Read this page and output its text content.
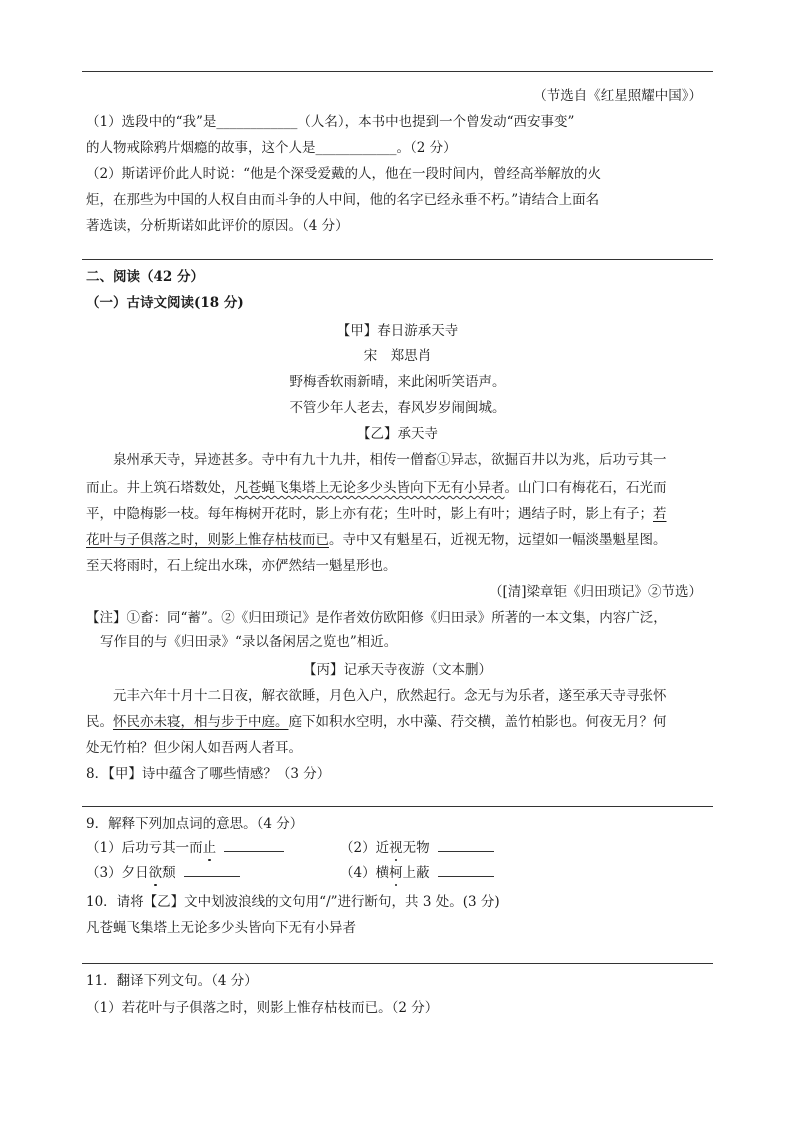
（节选自《红星照耀中国》）
（1）选段中的“我”是____________（人名），本书中也提到一个曾发动“西安事变”
的人物戒除鸦片烟瘾的故事，这个人是____________。（2 分）
（2）斯诺评价此人时说：“他是个深受爱戴的人，他在一段时间内，曾经高举解放的火
炬，在那些为中国的人权自由而斗争的人中间，他的名字已经永垂不朽。”请结合上面名
著选读，分析斯诺如此评价的原因。（4 分）
二、阅读（42 分）
（一）古诗文阅读(18 分)
【甲】春日游承天寺
宋　郑思肖
野梅香软雨新晴，来此闲听笑语声。
不管少年人老去，春风岁岁闹闽城。
【乙】承天寺
泉州承天寺，异迹甚多。寺中有九十九井，相传一僧畜①异志，欲掘百井以为兆，后功亏其一
而止。井上筑石塔数处，凡苍蝇飞集塔上无论多少头皆向下无有小异者。山门口有梅花石，石光而
平，中隐梅影一枝。每年梅树开花时，影上亦有花；生叶时，影上有叶；遇结子时，影上有子；若
花叶与子俱落之时，则影上惟存枯枝而已。寺中又有魁星石，近视无物，远望如一幅淡墨魁星图。
至天将雨时，石上绽出水珠，亦俨然结一魁星形也。
（[清]梁章钜《归田琐记》②节选）
【注】①畜：同“蓄”。②《归田琐记》是作者效仿欧阳修《归田录》所著的一本文集，内容广泛，
写作目的与《归田录》“录以备闲居之览也”相近。
【丙】记承天寺夜游（文本删）
元丰六年十月十二日夜，解衣欲睡，月色入户，欣然起行。念无与为乐者，遂至承天寺寻张怀
民。怀民亦未寝，相与步于中庭。庭下如积水空明，水中藻、荇交横，盖竹柏影也。何夜无月？何
处无竹柏？但少闲人如吾两人者耳。
8．【甲】诗中蕴含了哪些情感？（3 分）
9．解释下列加点词的意思。（4 分）
（1）后功亏其一而止	（2）近视无物
（3）夕日欲颓	（4）横柯上蔽
10．请将【乙】文中划波浪线的文句用“/”进行断句，共 3 处。(3 分)
凡苍蝇飞集塔上无论多少头皆向下无有小异者
11．翻译下列文句。（4 分）
（1）若花叶与子俱落之时，则影上惟存枯枝而已。（2 分）
